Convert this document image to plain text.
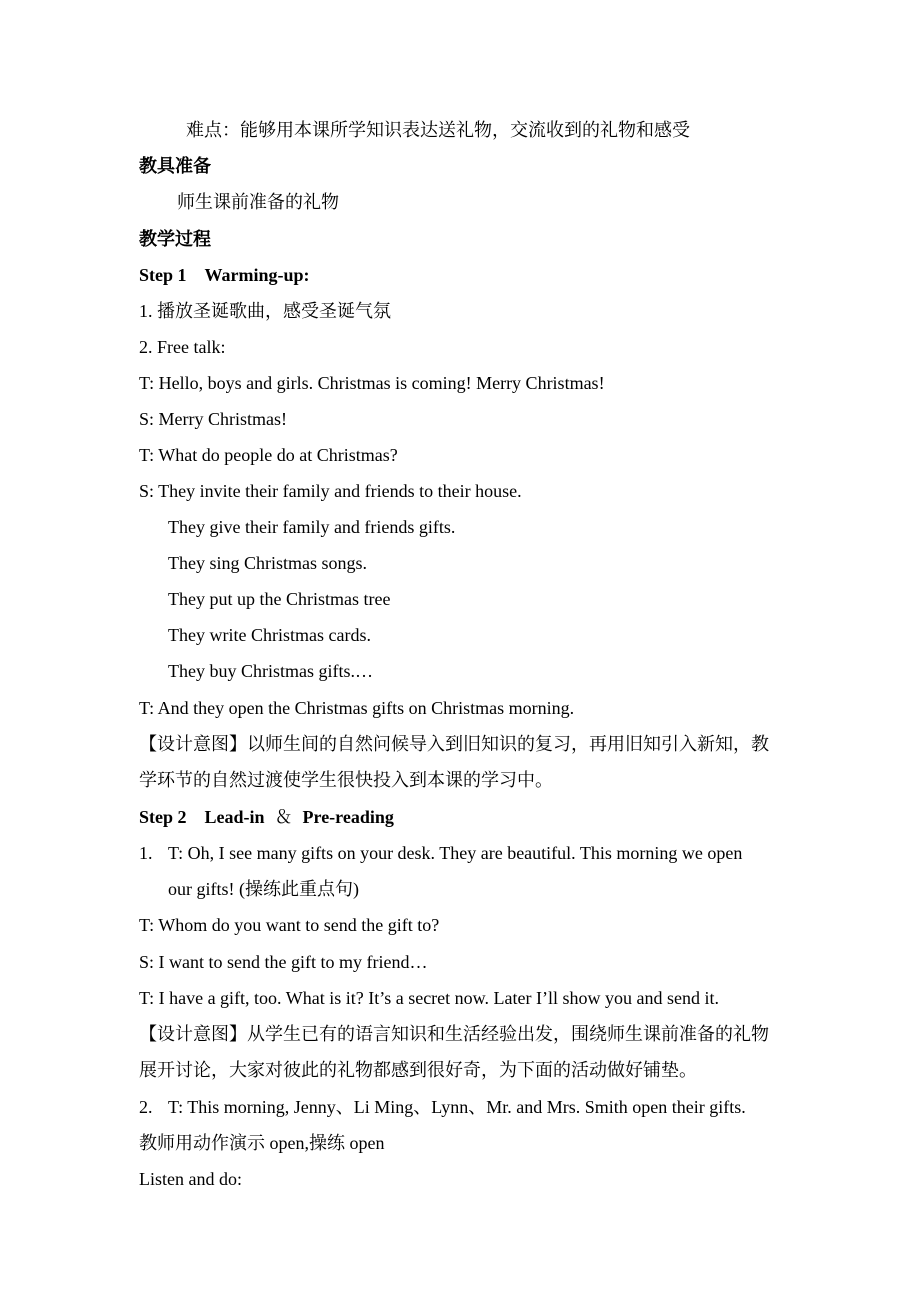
难点：能够用本课所学知识表达送礼物，交流收到的礼物和感受
教具准备
师生课前准备的礼物
教学过程
Step 1 Warming-up:
1. 播放圣诞歌曲，感受圣诞气氛
2. Free talk:
T: Hello, boys and girls. Christmas is coming! Merry Christmas!
S: Merry Christmas!
T: What do people do at Christmas?
S: They invite their family and friends to their house.
They give their family and friends gifts.
They sing Christmas songs.
They put up the Christmas tree
They write Christmas cards.
They buy Christmas gifts.…
T: And they open the Christmas gifts on Christmas morning.
【设计意图】以师生间的自然问候导入到旧知识的复习，再用旧知引入新知，教
学环节的自然过渡使学生很快投入到本课的学习中。
Step 2 Lead-in ＆ Pre-reading
1. T: Oh, I see many gifts on your desk. They are beautiful. This morning we open
our gifts! (操练此重点句)
T: Whom do you want to send the gift to?
S: I want to send the gift to my friend…
T: I have a gift, too. What is it? It’s a secret now. Later I’ll show you and send it.
【设计意图】从学生已有的语言知识和生活经验出发，围绕师生课前准备的礼物
展开讨论，大家对彼此的礼物都感到很好奇，为下面的活动做好铺垫。
2. T: This morning, Jenny、Li Ming、Lynn、Mr. and Mrs. Smith open their gifts.
教师用动作演示 open,操练 open
Listen and do:
